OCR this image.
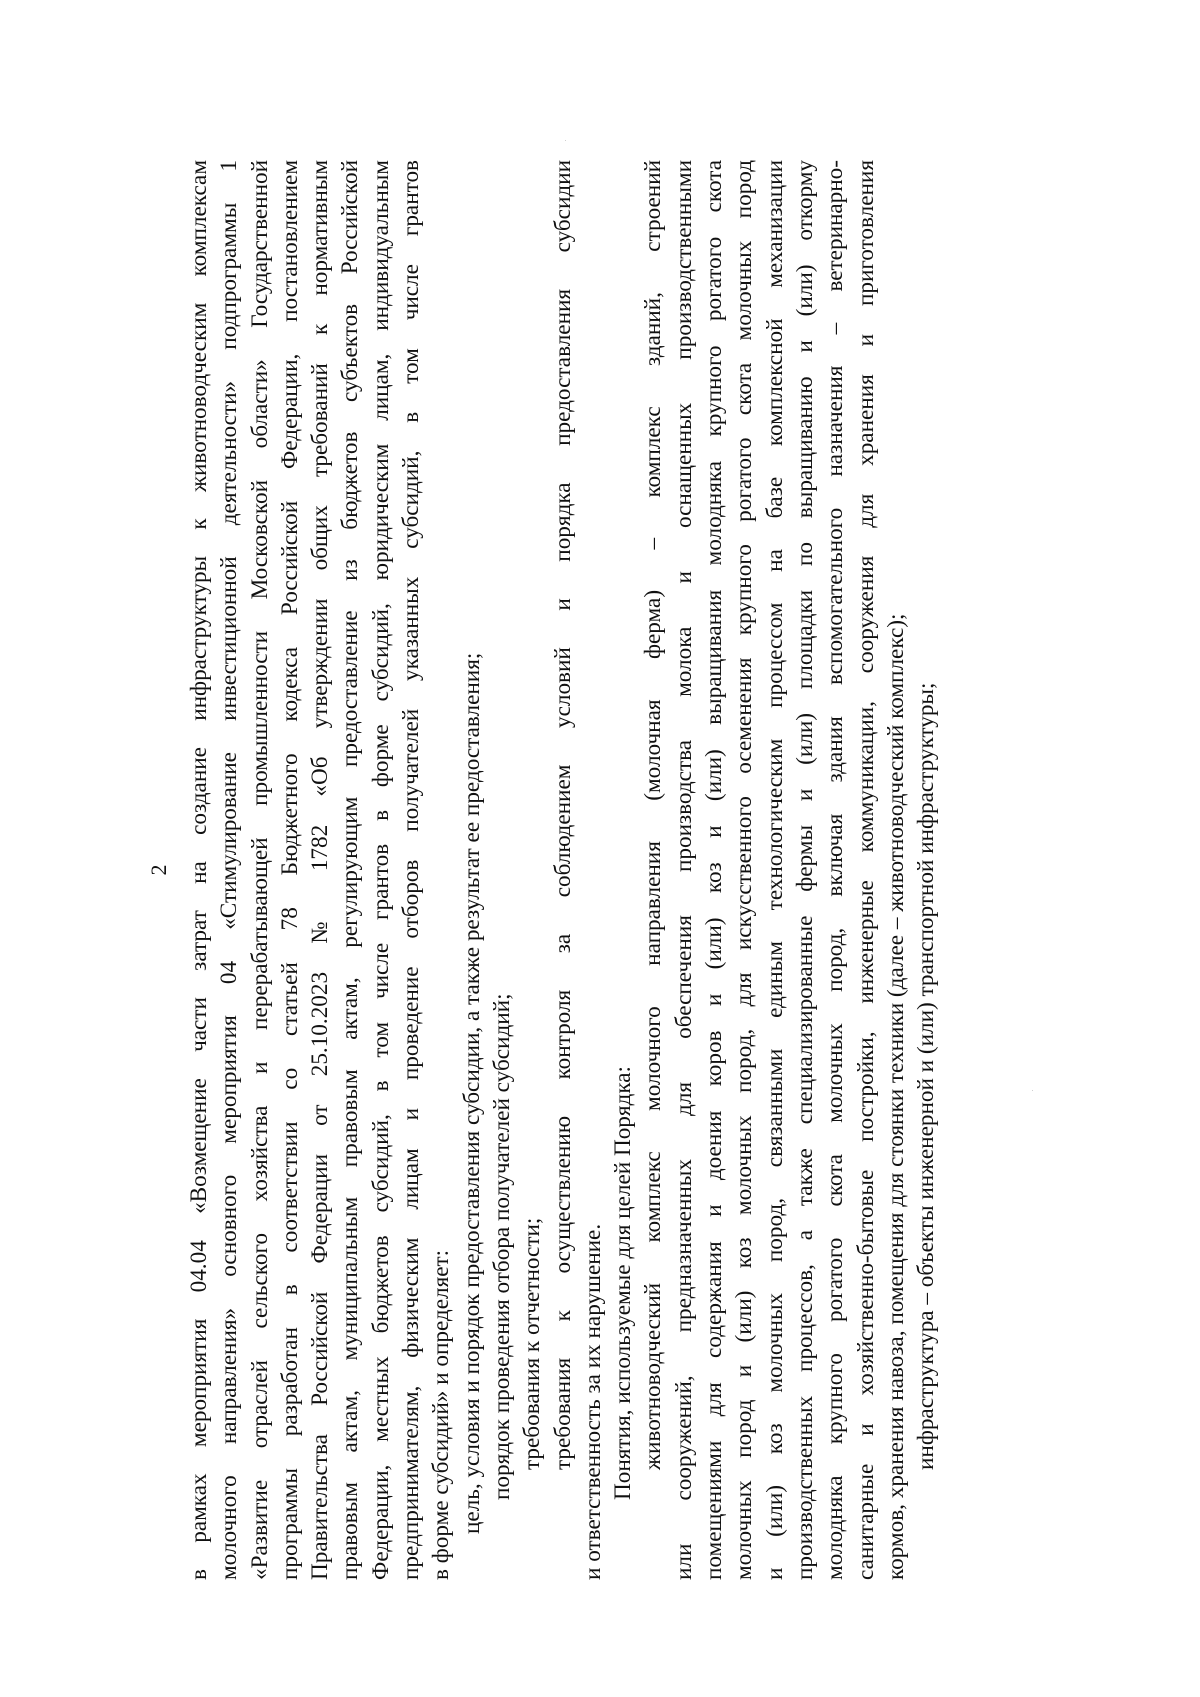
2 в рамках мероприятия 04.04 «Возмещение части затрат на создание инфраструктуры к животноводческим комплексам молочного направления» основного мероприятия 04 «Стимулирование инвестиционной деятельности» подпрограммы 1 «Развитие отраслей сельского хозяйства и перерабатывающей промышленности Московской области» Государственной программы разработан в соответствии со статьей 78 Бюджетного кодекса Российской Федерации, постановлением Правительства Российской Федерации от 25.10.2023 № 1782 «Об утверждении общих требований к нормативным правовым актам, муниципальным правовым актам, регулирующим предоставление из бюджетов субъектов Российской Федерации, местных бюджетов субсидий, в том числе грантов в форме субсидий, юридическим лицам, индивидуальным предпринимателям, физическим лицам и проведение отборов получателей указанных субсидий, в том числе грантов в форме субсидий» и определяет: цель, условия и порядок предоставления субсидии, а также результат ее предоставления; порядок проведения отбора получателей субсидий; требования к отчетности; требования к осуществлению контроля за соблюдением условий и порядка предоставления субсидии и ответственность за их нарушение. Понятия, используемые для целей Порядка: животноводческий комплекс молочного направления (молочная ферма) – комплекс зданий, строений или сооружений, предназначенных для обеспечения производства молока и оснащенных производственными помещениями для содержания и доения коров и (или) коз и (или) выращивания молодняка крупного рогатого скота молочных пород и (или) коз молочных пород, для искусственного осеменения крупного рогатого скота молочных пород и (или) коз молочных пород, связанными единым технологическим процессом на базе комплексной механизации производственных процессов, а также специализированные фермы и (или) площадки по выращиванию и (или) откорму молодняка крупного рогатого скота молочных пород, включая здания вспомогательного назначения – ветеринарно- санитарные и хозяйственно-бытовые постройки, инженерные коммуникации, сооружения для хранения и приготовления кормов, хранения навоза, помещения для стоянки техники (далее – животноводческий комплекс); инфраструктура – объекты инженерной и (или) транспортной инфраструктуры;
